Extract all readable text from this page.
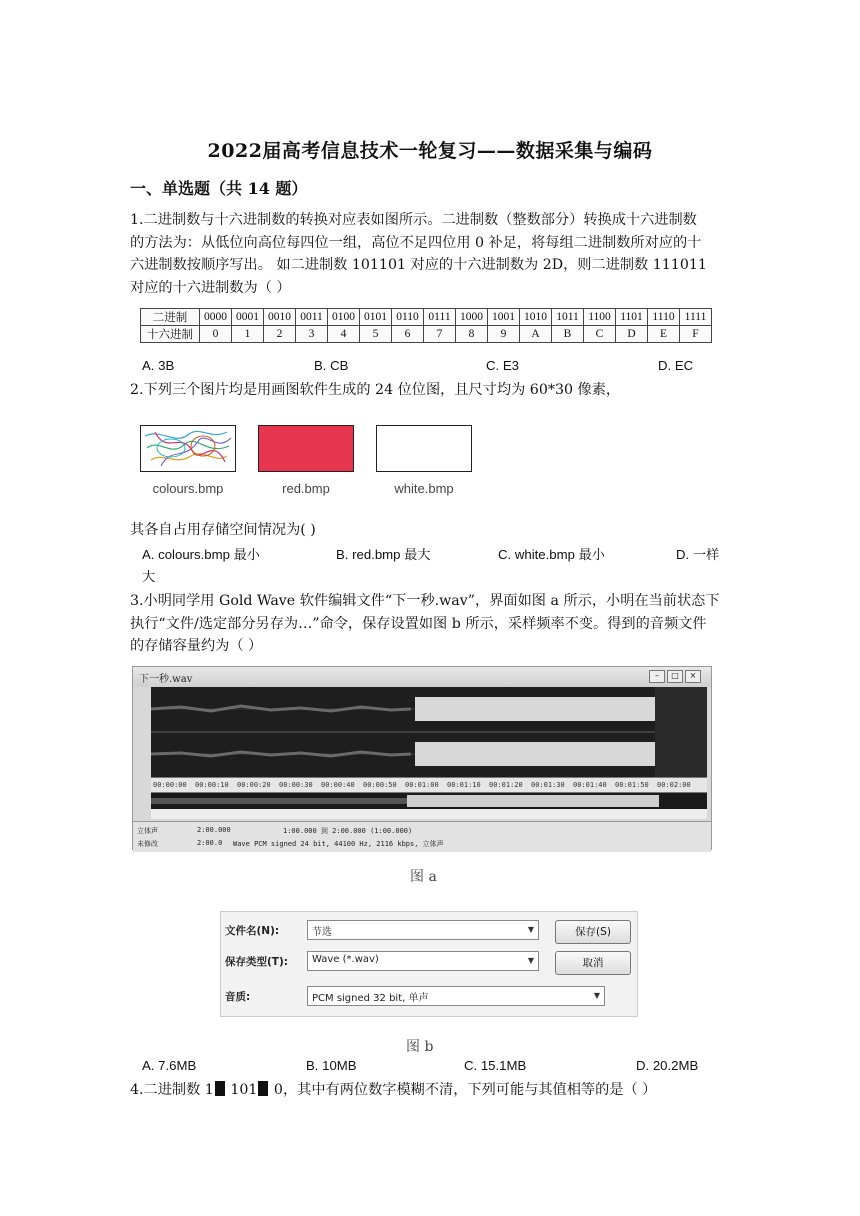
2022届高考信息技术一轮复习——数据采集与编码
一、单选题（共 14 题）
1.二进制数与十六进制数的转换对应表如图所示。二进制数（整数部分）转换成十六进制数
的方法为：从低位向高位每四位一组，高位不足四位用 0 补足，将每组二进制数所对应的十
六进制数按顺序写出。 如二进制数 101101 对应的十六进制数为 2D，则二进制数 111011
对应的十六进制数为（ ）
二进制	0000	0001	0010	0011	0100	0101	0110	0111	1000	1001	1010	1011	1100	1101	1110	1111
十六进制	0	1	2	3	4	5	6	7	8	9	A	B	C	D	E	F
A. 3B	B. CB	C. E3	D. EC
2.下列三个图片均是用画图软件生成的 24 位位图，且尺寸均为 60*30 像素，
colours.bmp	red.bmp	white.bmp
其各自占用存储空间情况为( )
A. colours.bmp 最小	B. red.bmp 最大	C. white.bmp 最小	D. 一样
大
3.小明同学用 Gold Wave 软件编辑文件“下一秒.wav”，界面如图 a 所示，小明在当前状态下
执行“文件/选定部分另存为…”命令，保存设置如图 b 所示，采样频率不变。得到的音频文件
的存储容量约为（ ）
下一秒.wav	–	□	×
00:00:00 00:00:10 00:00:20 00:00:30 00:00:40 00:00:50 00:01:00 00:01:10 00:01:20 00:01:30 00:01:40 00:01:50 00:02:00
立体声	2:00.000	1:00.000 到 2:00.000 (1:00.000)
未修改	2:00.0 Wave PCM signed 24 bit, 44100 Hz, 2116 kbps, 立体声
图 a
文件名(N):	节选	▼
保存类型(T):	Wave (*.wav)	▼
音质:	PCM signed 32 bit, 单声	▼
保存(S)
取消
图 b
A. 7.6MB	B. 10MB	C. 15.1MB	D. 20.2MB
4.二进制数 1 101 0，其中有两位数字模糊不清，下列可能与其值相等的是（ ）
